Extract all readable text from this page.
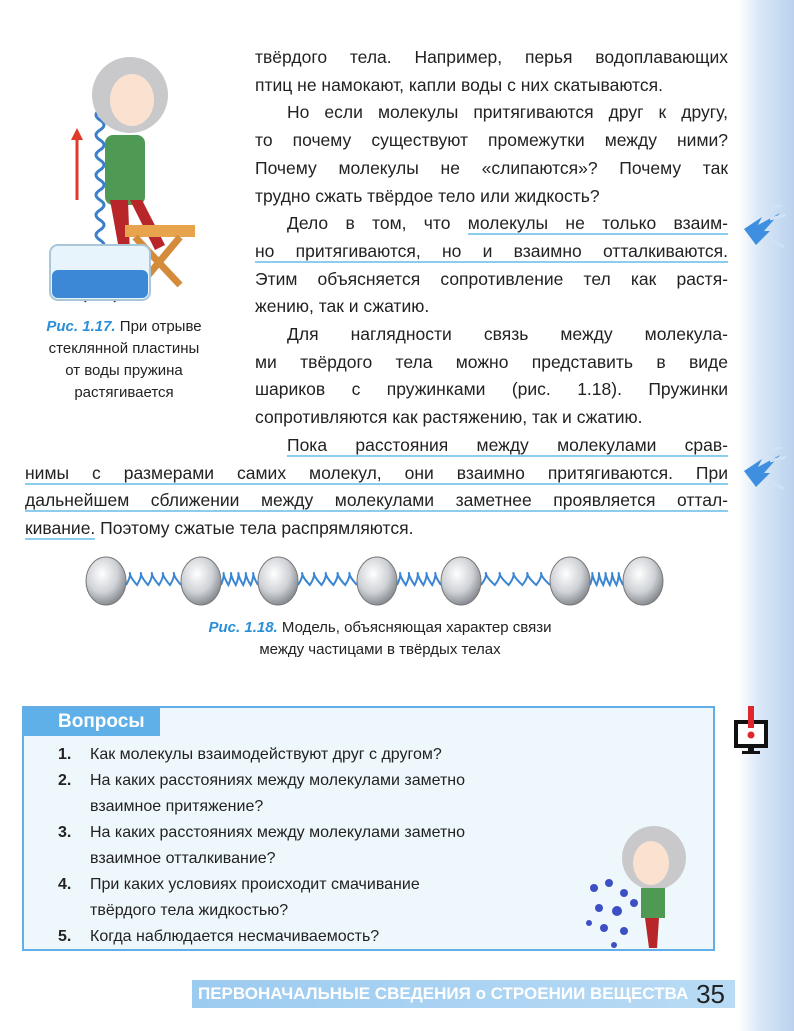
твёрдого тела. Например, перья водоплавающих
птиц не намокают, капли воды с них скатываются.
Но если молекулы притягиваются друг к другу,
то почему существуют промежутки между ними?
Почему молекулы не «слипаются»? Почему так
трудно сжать твёрдое тело или жидкость?
Дело в том, что молекулы не только взаим-
но притягиваются, но и взаимно отталкиваются.
Этим объясняется сопротивление тел как растя-
жению, так и сжатию.
Для наглядности связь между молекула-
ми твёрдого тела можно представить в виде
шариков с пружинками (рис. 1.18). Пружинки
сопротивляются как растяжению, так и сжатию.
Пока расстояния между молекулами срав-
нимы с размерами самих молекул, они взаимно притягиваются. При
дальнейшем сближении между молекулами заметнее проявляется оттал-
кивание. Поэтому сжатые тела распрямляются.
Рис. 1.17. При отрыве
стеклянной пластины
от воды пружина
растягивается
Рис. 1.18. Модель, объясняющая характер связи
между частицами в твёрдых телах
Вопросы
1. Как молекулы взаимодействуют друг с другом?
2. На каких расстояниях между молекулами заметно
взаимное притяжение?
3. На каких расстояниях между молекулами заметно
взаимное отталкивание?
4. При каких условиях происходит смачивание
твёрдого тела жидкостью?
5. Когда наблюдается несмачиваемость?
ПЕРВОНАЧАЛЬНЫЕ СВЕДЕНИЯ о СТРОЕНИИ ВЕЩЕСТВА 35
